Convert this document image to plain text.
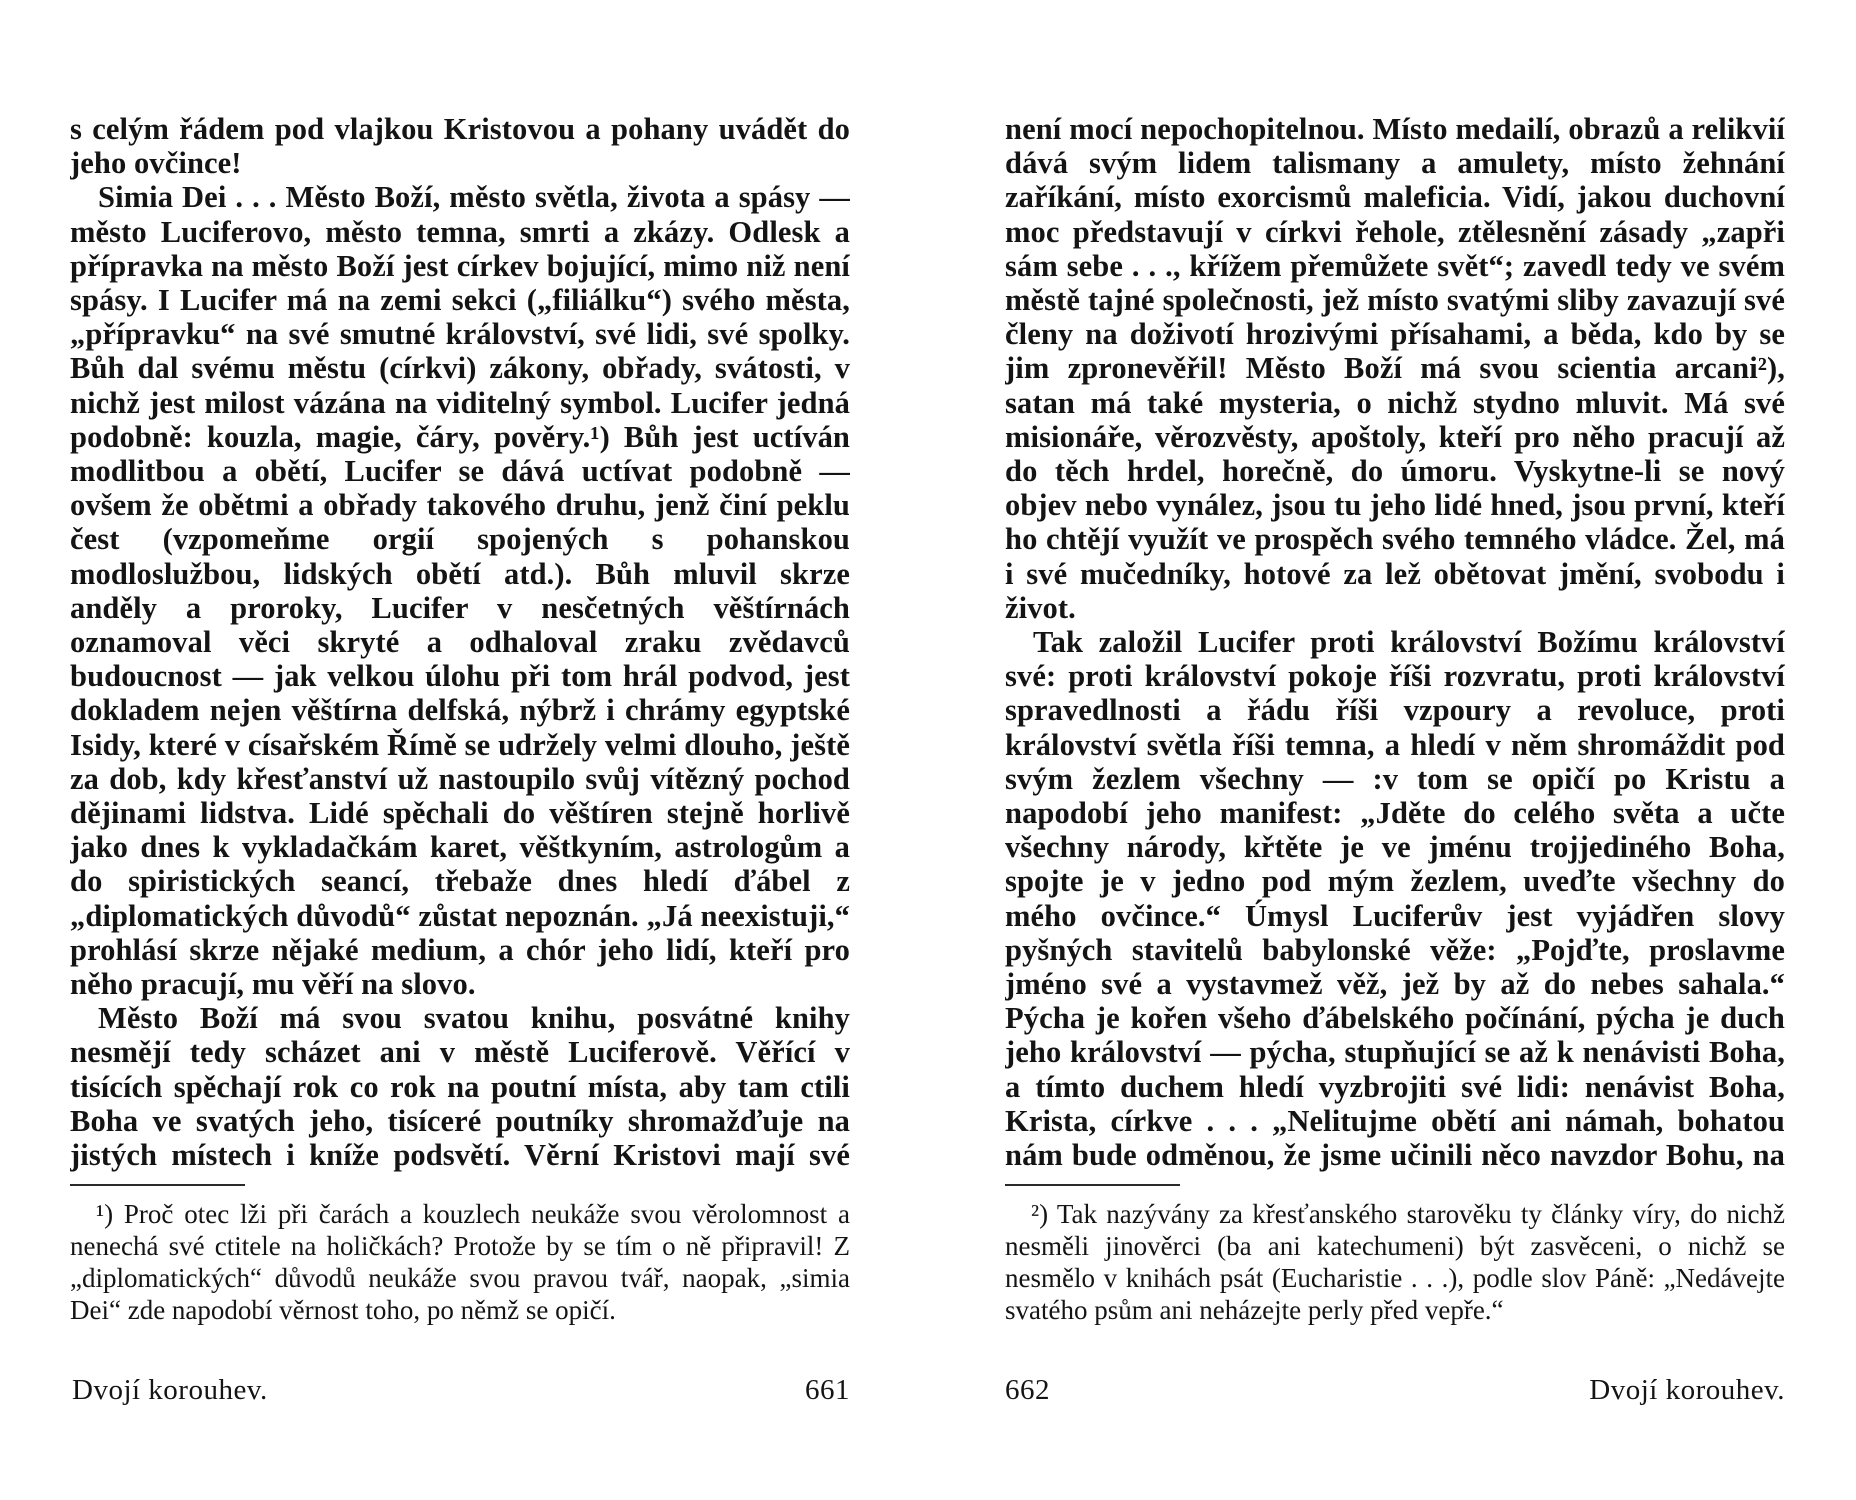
s celým řádem pod vlajkou Kristovou a pohany uvádět do jeho ovčince!

Simia Dei . . . Město Boží, město světla, života a spásy — město Luciferovo, město temna, smrti a zkázy. Odlesk a přípravka na město Boží jest církev bojující, mimo niž není spásy. I Lucifer má na zemi sekci („filiálku“) svého města, „přípravku“ na své smutné království, své lidi, své spolky. Bůh dal svému městu (církvi) zákony, obřady, svátosti, v nichž jest milost vázána na viditelný symbol. Lucifer jedná podobně: kouzla, magie, čáry, pověry.¹) Bůh jest uctíván modlitbou a obětí, Lucifer se dává uctívat podobně — ovšem že obětmi a obřady takového druhu, jenž činí peklu čest (vzpomeňme orgií spojených s pohanskou modloslužbou, lidských obětí atd.). Bůh mluvil skrze anděly a proroky, Lucifer v nesčetných věštírnách oznamoval věci skryté a odhaloval zraku zvědavců budoucnost — jak velkou úlohu při tom hrál podvod, jest dokladem nejen věštírna delfská, nýbrž i chrámy egyptské Isidy, které v císařském Římě se udržely velmi dlouho, ještě za dob, kdy křesťanství už nastoupilo svůj vítězný pochod dějinami lidstva. Lidé spěchali do věštíren stejně horlivě jako dnes k vykladačkám karet, věštkyním, astrologům a do spiristických seancí, třebaže dnes hledí ďábel z „diplomatických důvodů“ zůstat nepoznán. „Já neexistuji,“ prohlásí skrze nějaké medium, a chór jeho lidí, kteří pro něho pracují, mu věří na slovo.

Město Boží má svou svatou knihu, posvátné knihy nesmějí tedy scházet ani v městě Luciferově. Věřící v tisících spěchají rok co rok na poutní místa, aby tam ctili Boha ve svatých jeho, tisíceré poutníky shromažďuje na jistých místech i kníže podsvětí. Věrní Kristovi mají své

¹) Proč otec lži při čarách a kouzlech neukáže svou věrolomnost a nenechá své ctitele na holičkách? Protože by se tím o ně připravil! Z „diplomatických“ důvodů neukáže svou pravou tvář, naopak, „simia Dei“ zde napodobí věrnost toho, po němž se opičí.
Dvojí korouhev.	661

není mocí nepochopitelnou. Místo medailí, obrazů a relikvií dává svým lidem talismany a amulety, místo žehnání zaříkání, místo exorcismů maleficia. Vidí, jakou duchovní moc představují v církvi řehole, ztělesnění zásady „zapři sám sebe . . ., křížem přemůžete svět“; zavedl tedy ve svém městě tajné společnosti, jež místo svatými sliby zavazují své členy na doživotí hrozivými přísahami, a běda, kdo by se jim zpronevěřil! Město Boží má svou scientia arcani²), satan má také mysteria, o nichž stydno mluvit. Má své misionáře, věrozvěsty, apoštoly, kteří pro něho pracují až do těch hrdel, horečně, do úmoru. Vyskytne-li se nový objev nebo vynález, jsou tu jeho lidé hned, jsou první, kteří ho chtějí využít ve prospěch svého temného vládce. Žel, má i své mučedníky, hotové za lež obětovat jmění, svobodu i život.

Tak založil Lucifer proti království Božímu království své: proti království pokoje říši rozvratu, proti království spravedlnosti a řádu říši vzpoury a revoluce, proti království světla říši temna, a hledí v něm shromáždit pod svým žezlem všechny — :v tom se opičí po Kristu a napodobí jeho manifest: „Jděte do celého světa a učte všechny národy, křtěte je ve jménu trojjediného Boha, spojte je v jedno pod mým žezlem, uveďte všechny do mého ovčince.“ Úmysl Luciferův jest vyjádřen slovy pyšných stavitelů babylonské věže: „Pojďte, proslavme jméno své a vystavmež věž, jež by až do nebes sahala.“ Pýcha je kořen všeho ďábelského počínání, pýcha je duch jeho království — pýcha, stupňující se až k nenávisti Boha, a tímto duchem hledí vyzbrojiti své lidi: nenávist Boha, Krista, církve . . . „Nelitujme obětí ani námah, bohatou nám bude odměnou, že jsme učinili něco navzdor Bohu, na

²) Tak nazývány za křesťanského starověku ty články víry, do nichž nesměli jinověrci (ba ani katechumeni) být zasvěceni, o nichž se nesmělo v knihách psát (Eucharistie . . .), podle slov Páně: „Nedávejte svatého psům ani neházejte perly před vepře.“
662	Dvojí korouhev.
